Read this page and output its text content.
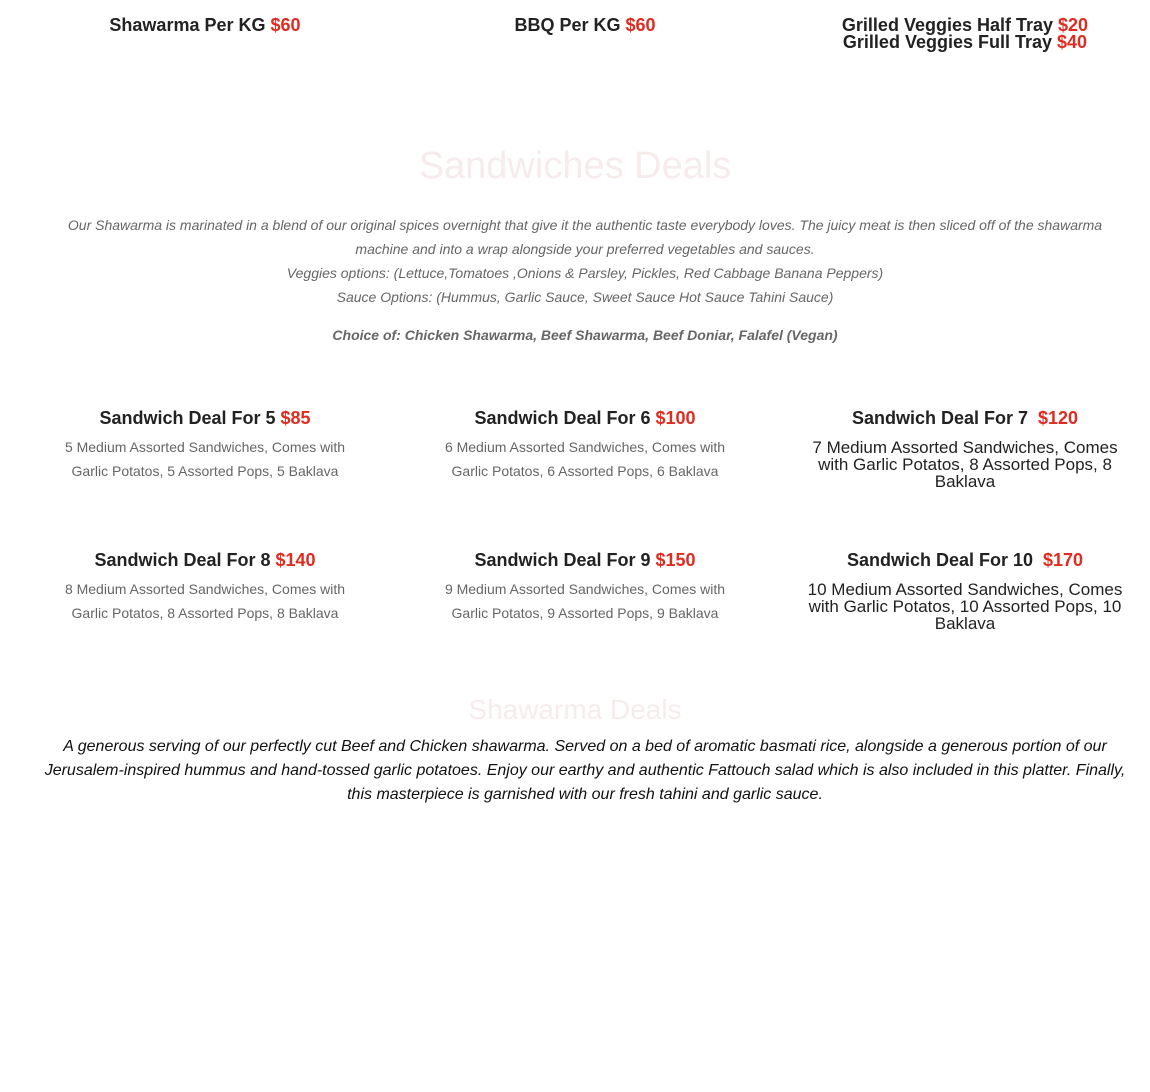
Shawarma Per KG $60	BBQ Per KG $60	Grilled Veggies Half Tray $20
Grilled Veggies Full Tray $40
Sandwiches Deals
Our Shawarma is marinated in a blend of our original spices overnight that give it the authentic taste everybody loves. The juicy meat is then sliced off of the shawarma machine and into a wrap alongside your preferred vegetables and sauces.
Veggies options: (Lettuce,Tomatoes ,Onions & Parsley, Pickles, Red Cabbage Banana Peppers)
Sauce Options: (Hummus, Garlic Sauce, Sweet Sauce Hot Sauce Tahini Sauce)
Choice of: Chicken Shawarma, Beef Shawarma, Beef Doniar, Falafel (Vegan)
Sandwich Deal For 5 $85
5 Medium Assorted Sandwiches, Comes with Garlic Potatos, 5 Assorted Pops, 5 Baklava
Sandwich Deal For 6 $100
6 Medium Assorted Sandwiches, Comes with Garlic Potatos, 6 Assorted Pops, 6 Baklava
Sandwich Deal For 7 $120
7 Medium Assorted Sandwiches, Comes with Garlic Potatos, 8 Assorted Pops, 8 Baklava
Sandwich Deal For 8 $140
8 Medium Assorted Sandwiches, Comes with Garlic Potatos, 8 Assorted Pops, 8 Baklava
Sandwich Deal For 9 $150
9 Medium Assorted Sandwiches, Comes with Garlic Potatos, 9 Assorted Pops, 9 Baklava
Sandwich Deal For 10 $170
10 Medium Assorted Sandwiches, Comes with Garlic Potatos, 10 Assorted Pops, 10 Baklava
Shawarma Deals
A generous serving of our perfectly cut Beef and Chicken shawarma. Served on a bed of aromatic basmati rice, alongside a generous portion of our Jerusalem-inspired hummus and hand-tossed garlic potatoes. Enjoy our earthy and authentic Fattouch salad which is also included in this platter. Finally, this masterpiece is garnished with our fresh tahini and garlic sauce.
